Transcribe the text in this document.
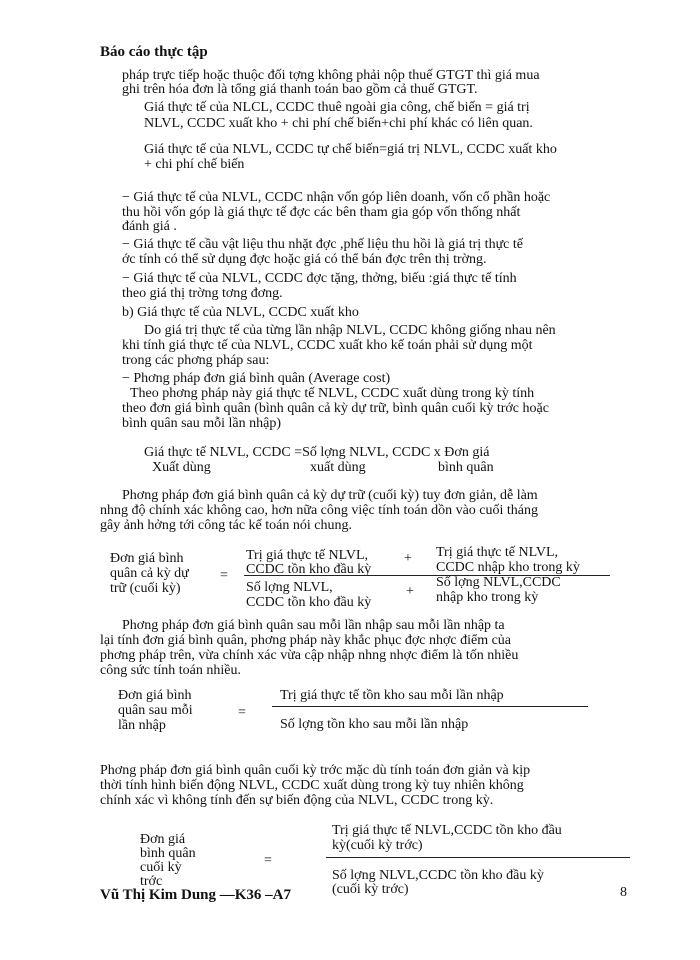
Báo cáo thực tập
pháp trực tiếp hoặc thuộc đối tợng không phải nộp thuế GTGT thì giá mua
ghi trên hóa đơn là tổng giá thanh toán bao gồm cả thuế GTGT.
Giá thực tế của NLCL, CCDC thuê ngoài gia công, chế biến = giá trị
NLVL, CCDC xuất kho + chi phí chế biến+chi phí khác có liên quan.
Giá thực tế của NLVL, CCDC tự chế biến=giá trị NLVL, CCDC xuất kho
+ chi phí chế biến
− Giá thực tế của NLVL, CCDC nhận vốn góp liên doanh, vốn cổ phần hoặc
thu hồi vốn góp là giá thực tế đợc các bên tham gia góp vốn thống nhất
đánh giá .
− Giá thực tế cầu vật liệu thu nhặt đợc ,phế liệu thu hồi là giá trị thực tế
ớc tính có thể sử dụng đợc hoặc giá có thể bán đợc trên thị trờng.
− Giá thực tế của NLVL, CCDC đợc tặng, thởng, biếu :giá thực tế tính
theo giá thị trờng tơng đơng.
b) Giá thực tế của NLVL, CCDC xuất kho
Do giá trị thực tế của từng lần nhập NLVL, CCDC không giống nhau nên
khi tính giá thực tế của NLVL, CCDC xuất kho kế toán phải sử dụng một
trong các phơng pháp sau:
− Phơng pháp đơn giá bình quân (Average cost)
Theo phơng pháp này giá thực tế NLVL, CCDC xuất dùng trong kỳ tính
theo đơn giá bình quân (bình quân cả kỳ dự trữ, bình quân cuối kỳ trớc hoặc
bình quân sau mỗi lần nhập)
Giá thực tế NLVL, CCDC =Số lợng NLVL, CCDC x Đơn giá
Xuất dùng	xuất dùng	bình quân
Phơng pháp đơn giá bình quân cả kỳ dự trữ (cuối kỳ) tuy đơn giản, dễ làm
nhng độ chính xác không cao, hơn nữa công việc tính toán dồn vào cuối tháng
gây ảnh hởng tới công tác kế toán nói chung.
Đơn giá bình
quân cả kỳ dự
trữ (cuối kỳ)
=
Trị giá thực tế NLVL,
CCDC tồn kho đầu kỳ
+ Trị giá thực tế NLVL,
CCDC nhập kho trong kỳ
Số lợng NLVL,
CCDC tồn kho đầu kỳ
+
Số lợng NLVL,CCDC
nhập kho trong kỳ
Phơng pháp đơn giá bình quân sau mỗi lần nhập sau mỗi lần nhập ta
lại tính đơn giá bình quân, phơng pháp này khắc phục đợc nhợc điểm của
phơng pháp trên, vừa chính xác vừa cập nhập nhng nhợc điểm là tốn nhiều
công sức tính toán nhiều.
Đơn giá bình
quân sau mỗi
lần nhập
=
Trị giá thực tế tồn kho sau mỗi lần nhập
Số lợng tồn kho sau mỗi lần nhập
Phơng pháp đơn giá bình quân cuối kỳ trớc mặc dù tính toán đơn giản và kịp
thời tính hình biến động NLVL, CCDC xuất dùng trong kỳ tuy nhiên không
chính xác vì không tính đến sự biến động của NLVL, CCDC trong kỳ.
Đơn giá
bình quân
cuối kỳ
trớc
=
Trị giá thực tế NLVL,CCDC tồn kho đầu
kỳ(cuối kỳ trớc)
Số lợng NLVL,CCDC tồn kho đầu kỳ
(cuối kỳ trớc)
Vũ Thị Kim Dung —K36 –A7	8
